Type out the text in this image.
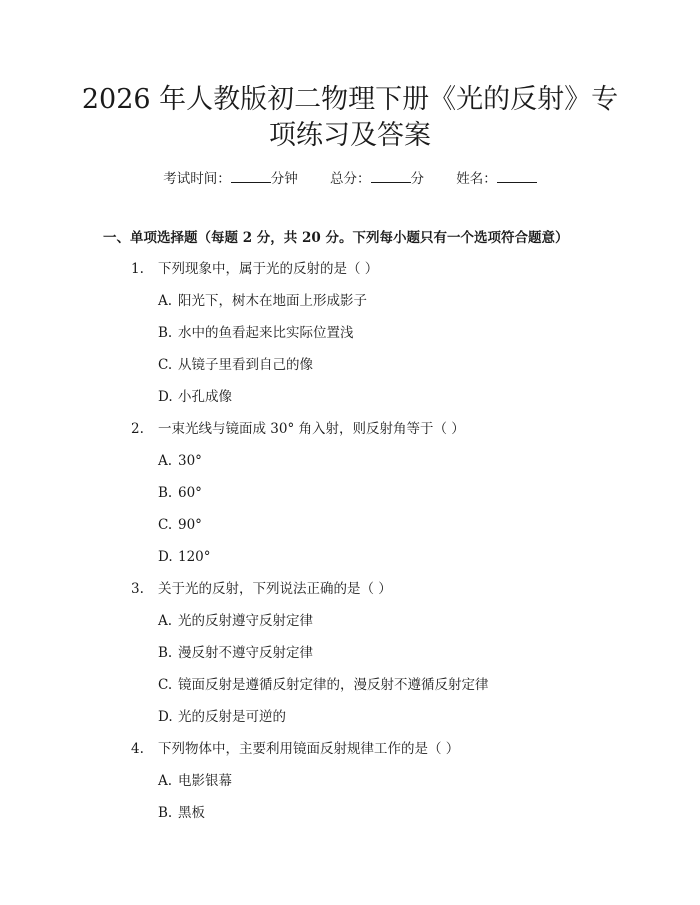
2026 年人教版初二物理下册《光的反射》专
项练习及答案
考试时间：	分钟 总分：	分 姓名：
一、单项选择题（每题 2 分，共 20 分。下列每小题只有一个选项符合题意）
1. 下列现象中，属于光的反射的是（ ）
A. 阳光下，树木在地面上形成影子
B. 水中的鱼看起来比实际位置浅
C. 从镜子里看到自己的像
D. 小孔成像
2. 一束光线与镜面成 30° 角入射，则反射角等于（ ）
A. 30°
B. 60°
C. 90°
D. 120°
3. 关于光的反射，下列说法正确的是（ ）
A. 光的反射遵守反射定律
B. 漫反射不遵守反射定律
C. 镜面反射是遵循反射定律的，漫反射不遵循反射定律
D. 光的反射是可逆的
4. 下列物体中，主要利用镜面反射规律工作的是（ ）
A. 电影银幕
B. 黑板
